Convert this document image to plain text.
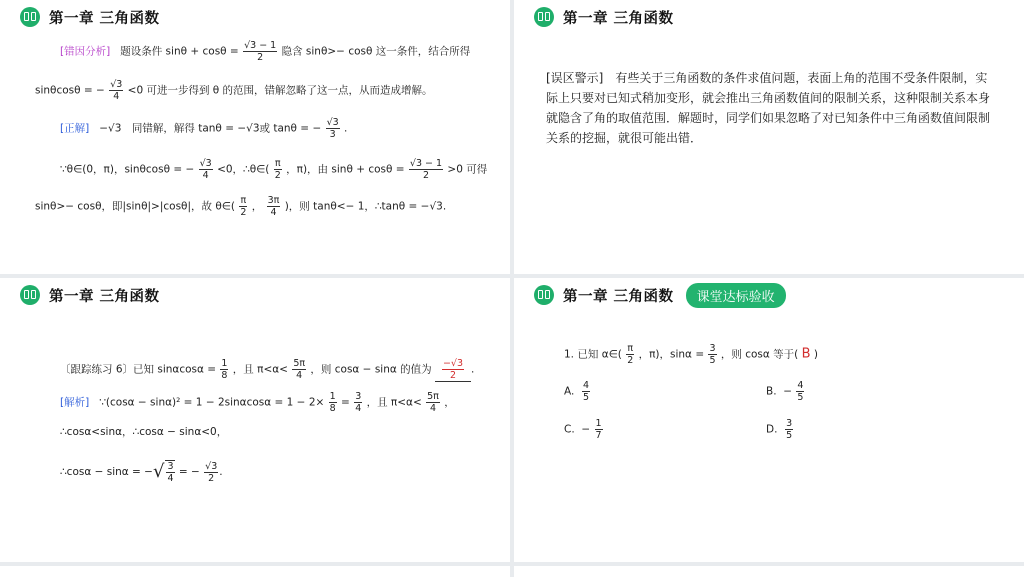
第一章 三角函数
[错因分析] 题设条件 $\sin\theta + \cos\theta = \frac{√3 - 1}{2}$ 隐含 sinθ>− cosθ 这一条件，结合所得
sinθcosθ = − $\frac{√3}{4} <0$ 可进一步得到 θ 的范围，错解忽略了这一点，从而造成增解。
[正解] −√3　同错解，解得 tanθ = −√3或 tanθ = − $\frac{√3}{3}$ .
∵θ∈(0，π)，sinθcosθ = − $\frac{√3}{4} <0$，∴θ∈( $\frac{\pi}{2}$ ，π)，由 $\sin\theta + \cos\theta = \frac{√3 - 1}{2} >0$ 可得
sinθ>− cosθ，即|sinθ|>|cosθ|，故 θ∈( $\frac{\pi}{2}$ ， $\frac{3\pi}{4}$ )，则 tanθ<− 1，∴tanθ = −√3.
第一章 三角函数
[误区警示]　有些关于三角函数的条件求值问题，表面上角的范围不受条件限制，实际上只要对已知式稍加变形，就会推出三角函数值间的限制关系，这种限制关系本身就隐含了角的取值范围．解题时，同学们如果忽略了对已知条件中三角函数值间限制关系的挖掘，就很可能出错．
第一章 三角函数
〔跟踪练习 6〕已知 $\sin\alpha\cos\alpha = \frac{1}{8}$ ，且 $\pi<\alpha< \frac{5\pi}{4}$ ，则 cosα − sinα 的值为 $\frac{-√3}{2}$ .
[解析] ∵(cosα − $\sin\alpha)^2 = 1 - 2\sin\alpha\cos\alpha = 1 - 2\times \frac{1}{8} = \frac{3}{4}$ ，且 $\pi<\alpha< \frac{5\pi}{4}$ ，
∴cosα<sinα，∴cosα − sinα<0，
∴cosα − sinα = −√ $\frac{3}{4}$ = − $\frac{√3}{2}$ .
第一章 三角函数	课堂达标验收
1. 已知 α∈( $\frac{\pi}{2}$ ，π)，$\sin\alpha = \frac{3}{5}$ ，则 cosα 等于( B )
A. $\frac{4}{5}$	B. − $\frac{4}{5}$
C. − $\frac{1}{7}$	D. $\frac{3}{5}$
